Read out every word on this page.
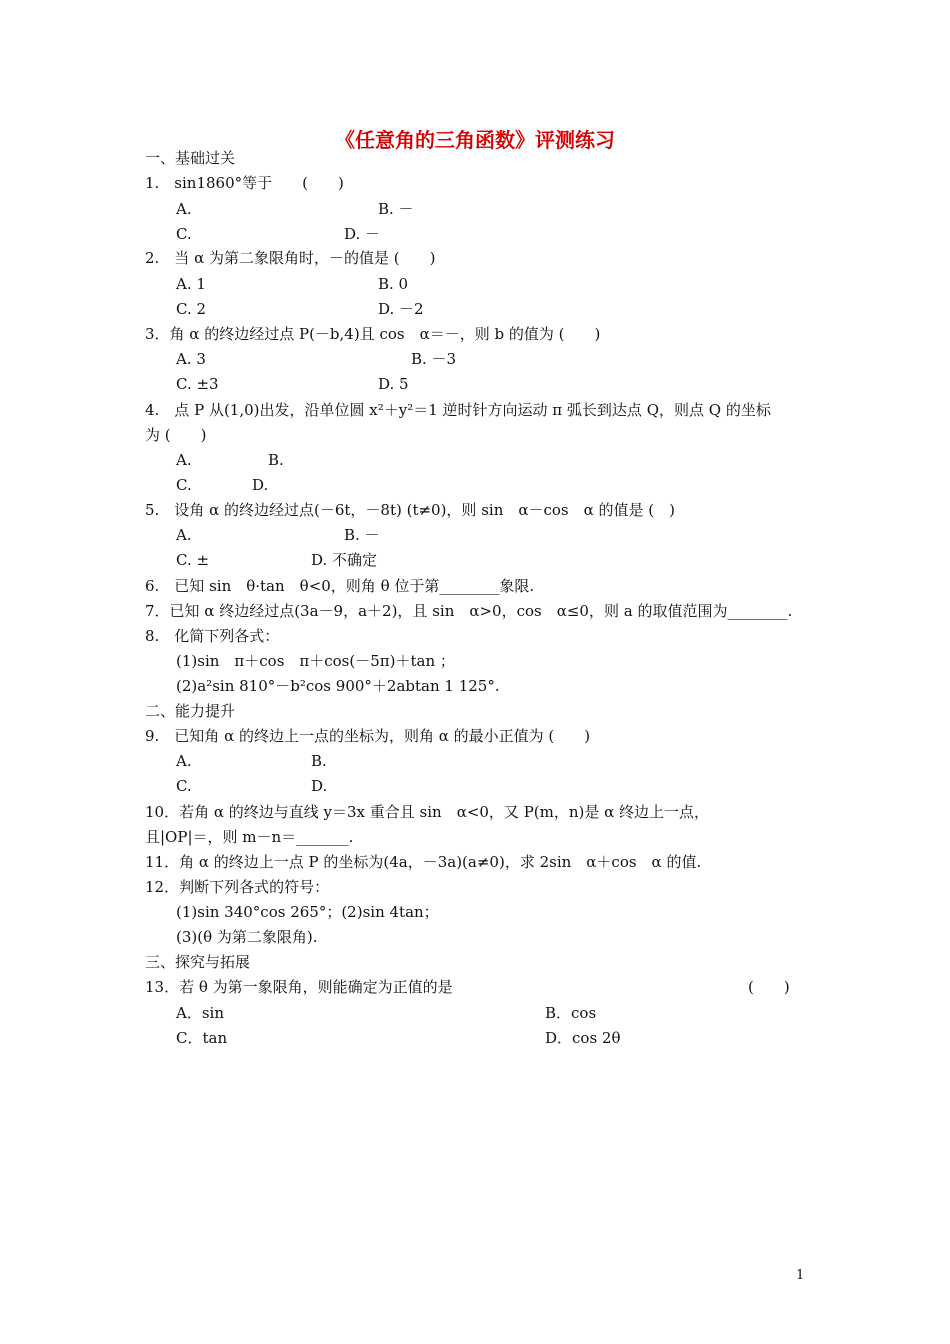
《任意角的三角函数》评测练习
一、基础过关
1.　sin1860°等于　　(　　)
A.	B. －
C.	D. －
2.　当 α 为第二象限角时，－的值是 (　　)
A. 1	B. 0
C. 2	D. －2
3．角 α 的终边经过点 P(－b,4)且 cos　α＝－，则 b 的值为 (　　)
A. 3	B. －3
C. ±3	D. 5
4.　点 P 从(1,0)出发，沿单位圆 x²＋y²＝1 逆时针方向运动 π 弧长到达点 Q，则点 Q 的坐标
为 (　　)
A.	B.
C.	D.
5.　设角 α 的终边经过点(－6t，－8t) (t≠0)，则 sin　α－cos　α 的值是 (　)
A.	B. －
C. ±	D. 不确定
6.　已知 sin　θ·tan　θ<0，则角 θ 位于第________象限.
7．已知 α 终边经过点(3a－9，a＋2)，且 sin　α>0，cos　α≤0，则 a 的取值范围为________.
8.　化简下列各式：
(1)sin　π＋cos　π＋cos(－5π)＋tan ；
(2)a²sin 810°－b²cos 900°＋2abtan 1 125°.
二、能力提升
9.　已知角 α 的终边上一点的坐标为，则角 α 的最小正值为 (　　)
A.	B.
C.	D.
10．若角 α 的终边与直线 y＝3x 重合且 sin　α<0，又 P(m，n)是 α 终边上一点，
且|OP|＝，则 m－n＝_______.
11．角 α 的终边上一点 P 的坐标为(4a，－3a)(a≠0)，求 2sin　α＋cos　α 的值.
12．判断下列各式的符号：
(1)sin 340°cos 265°；(2)sin 4tan；
(3)(θ 为第二象限角).
三、探究与拓展
13．若 θ 为第一象限角，则能确定为正值的是	(　　)
A．sin	B．cos
C．tan	D．cos 2θ
1
